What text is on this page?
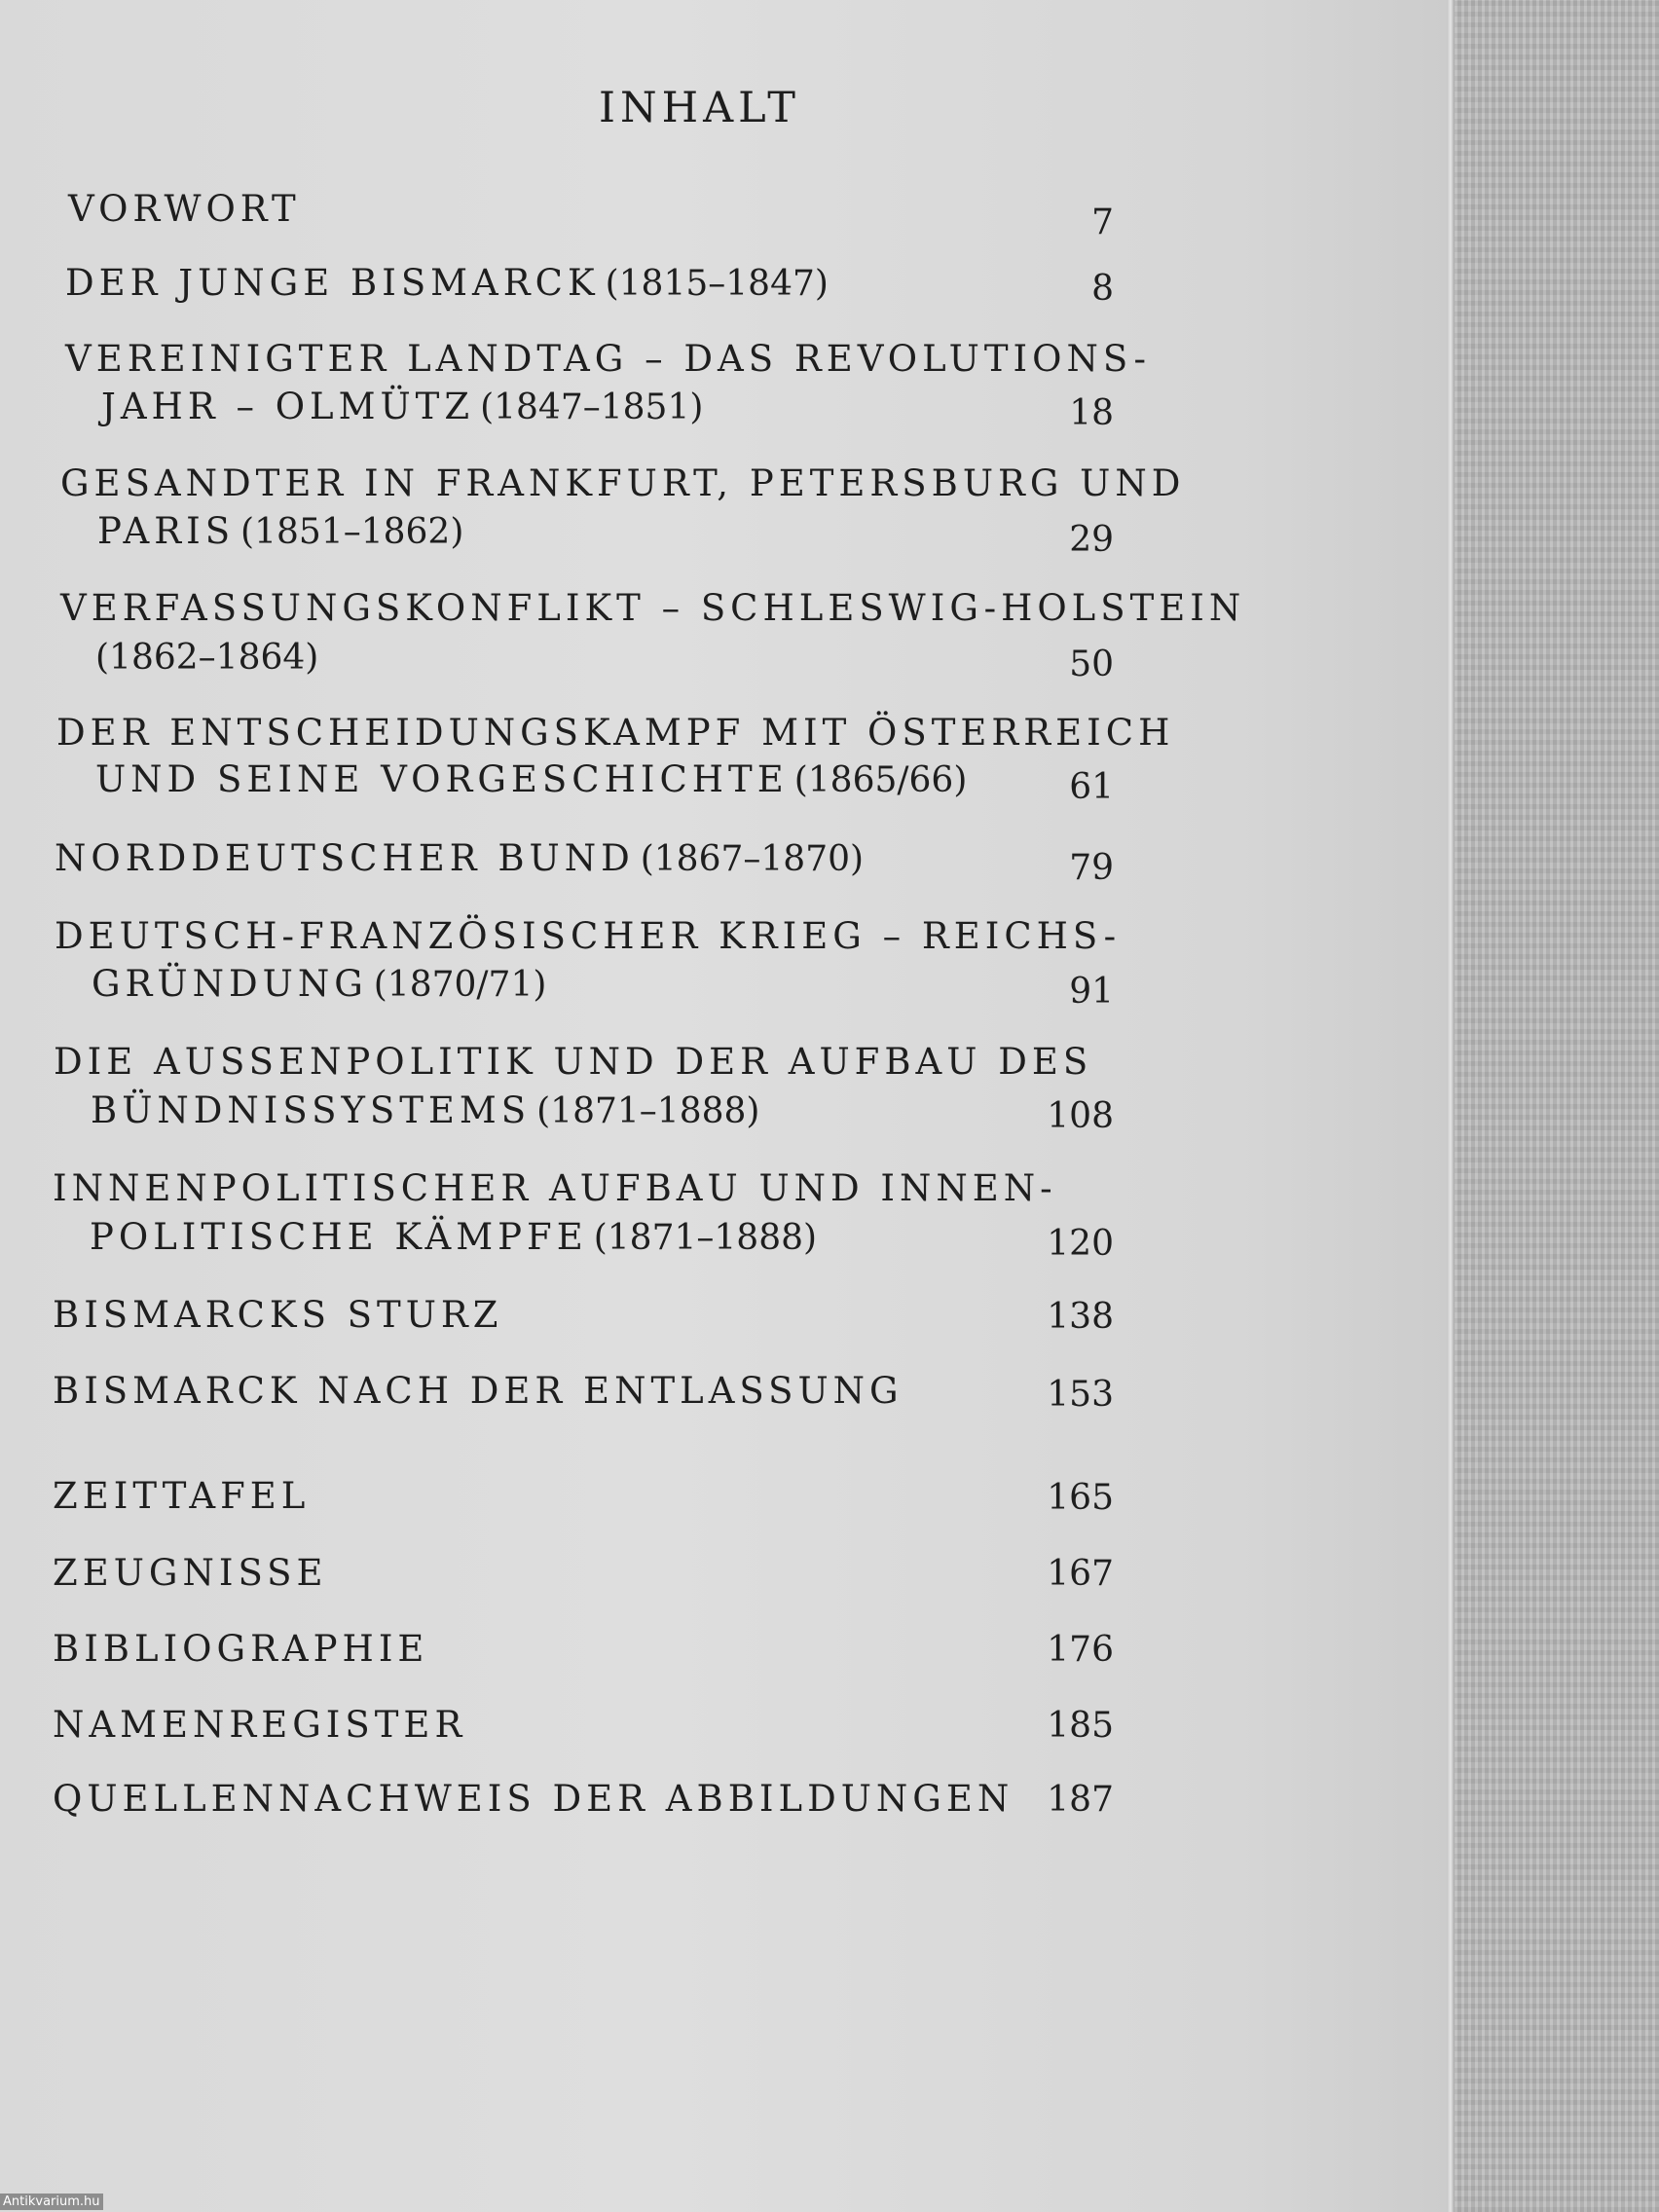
INHALT
VORWORT	7
DER JUNGE BISMARCK (1815–1847)	8
VEREINIGTER LANDTAG – DAS REVOLUTIONS-
JAHR – OLMÜTZ (1847–1851)	18
GESANDTER IN FRANKFURT, PETERSBURG UND
PARIS (1851–1862)	29
VERFASSUNGSKONFLIKT – SCHLESWIG-HOLSTEIN
(1862–1864)	50
DER ENTSCHEIDUNGSKAMPF MIT ÖSTERREICH
UND SEINE VORGESCHICHTE (1865/66)	61
NORDDEUTSCHER BUND (1867–1870)	79
DEUTSCH-FRANZÖSISCHER KRIEG – REICHS-
GRÜNDUNG (1870/71)	91
DIE AUSSENPOLITIK UND DER AUFBAU DES
BÜNDNISSYSTEMS (1871–1888)	108
INNENPOLITISCHER AUFBAU UND INNEN-
POLITISCHE KÄMPFE (1871–1888)	120
BISMARCKS STURZ	138
BISMARCK NACH DER ENTLASSUNG	153
ZEITTAFEL	165
ZEUGNISSE	167
BIBLIOGRAPHIE	176
NAMENREGISTER	185
QUELLENNACHWEIS DER ABBILDUNGEN 187
Antikvarium.hu
